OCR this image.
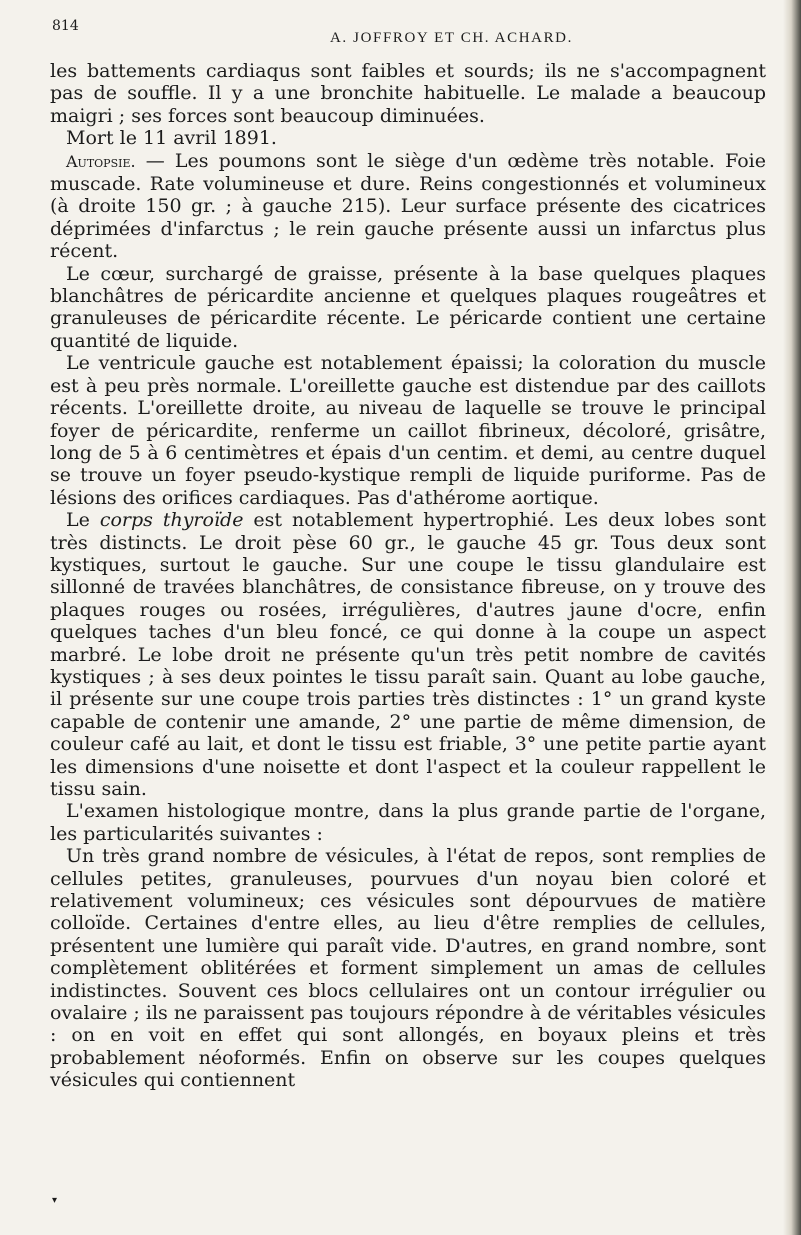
814
A. JOFFROY ET CH. ACHARD.

les battements cardiaqus sont faibles et sourds; ils ne s'accompagnent pas de souffle. Il y a une bronchite habituelle. Le malade a beaucoup maigri ; ses forces sont beaucoup diminuées.

Mort le 11 avril 1891.

Autopsie. — Les poumons sont le siège d'un œdème très notable. Foie muscade. Rate volumineuse et dure. Reins congestionnés et volumineux (à droite 150 gr. ; à gauche 215). Leur surface présente des cicatrices déprimées d'infarctus ; le rein gauche présente aussi un infarctus plus récent.

Le cœur, surchargé de graisse, présente à la base quelques plaques blanchâtres de péricardite ancienne et quelques plaques rougeâtres et granuleuses de péricardite récente. Le péricarde contient une certaine quantité de liquide.

Le ventricule gauche est notablement épaissi; la coloration du muscle est à peu près normale. L'oreillette gauche est distendue par des caillots récents. L'oreillette droite, au niveau de laquelle se trouve le principal foyer de péricardite, renferme un caillot fibrineux, décoloré, grisâtre, long de 5 à 6 centimètres et épais d'un centim. et demi, au centre duquel se trouve un foyer pseudo-kystique rempli de liquide puriforme. Pas de lésions des orifices cardiaques. Pas d'athérome aortique.

Le corps thyroïde est notablement hypertrophié. Les deux lobes sont très distincts. Le droit pèse 60 gr., le gauche 45 gr. Tous deux sont kystiques, surtout le gauche. Sur une coupe le tissu glandulaire est sillonné de travées blanchâtres, de consistance fibreuse, on y trouve des plaques rouges ou rosées, irrégulières, d'autres jaune d'ocre, enfin quelques taches d'un bleu foncé, ce qui donne à la coupe un aspect marbré. Le lobe droit ne présente qu'un très petit nombre de cavités kystiques ; à ses deux pointes le tissu paraît sain. Quant au lobe gauche, il présente sur une coupe trois parties très distinctes : 1° un grand kyste capable de contenir une amande, 2° une partie de même dimension, de couleur café au lait, et dont le tissu est friable, 3° une petite partie ayant les dimensions d'une noisette et dont l'aspect et la couleur rappellent le tissu sain.

L'examen histologique montre, dans la plus grande partie de l'organe, les particularités suivantes :

Un très grand nombre de vésicules, à l'état de repos, sont remplies de cellules petites, granuleuses, pourvues d'un noyau bien coloré et relativement volumineux; ces vésicules sont dépourvues de matière colloïde. Certaines d'entre elles, au lieu d'être remplies de cellules, présentent une lumière qui paraît vide. D'autres, en grand nombre, sont complètement oblitérées et forment simplement un amas de cellules indistinctes. Souvent ces blocs cellulaires ont un contour irrégulier ou ovalaire ; ils ne paraissent pas toujours répondre à de véritables vésicules : on en voit en effet qui sont allongés, en boyaux pleins et très probablement néoformés. Enfin on observe sur les coupes quelques vésicules qui contiennent

▾
